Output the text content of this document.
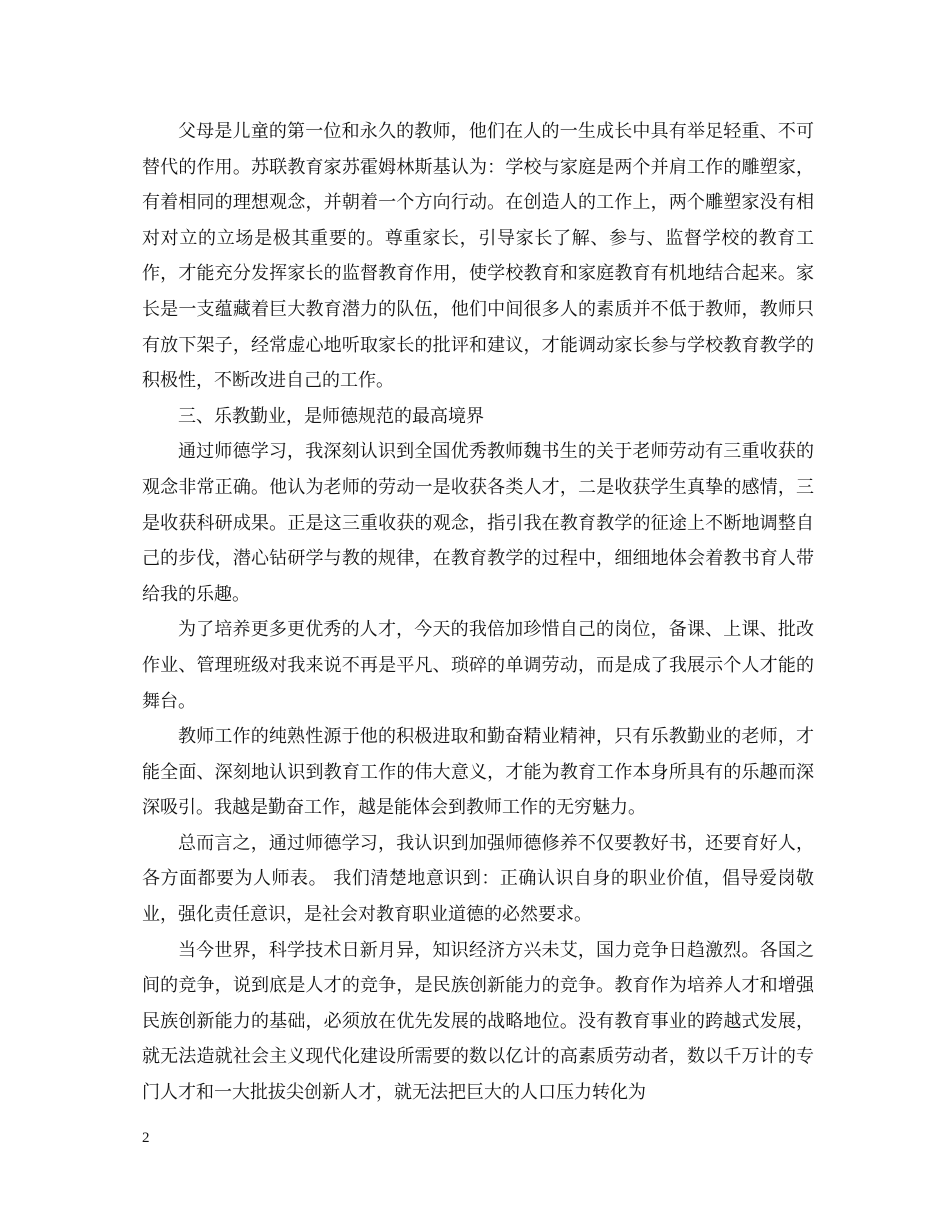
父母是儿童的第一位和永久的教师，他们在人的一生成长中具有举足轻重、不可替代的作用。苏联教育家苏霍姆林斯基认为：学校与家庭是两个并肩工作的雕塑家，有着相同的理想观念，并朝着一个方向行动。在创造人的工作上，两个雕塑家没有相对对立的立场是极其重要的。尊重家长，引导家长了解、参与、监督学校的教育工作，才能充分发挥家长的监督教育作用，使学校教育和家庭教育有机地结合起来。家长是一支蕴藏着巨大教育潜力的队伍，他们中间很多人的素质并不低于教师，教师只有放下架子，经常虚心地听取家长的批评和建议，才能调动家长参与学校教育教学的积极性，不断改进自己的工作。

三、乐教勤业，是师德规范的最高境界

通过师德学习，我深刻认识到全国优秀教师魏书生的关于老师劳动有三重收获的观念非常正确。他认为老师的劳动一是收获各类人才，二是收获学生真挚的感情，三是收获科研成果。正是这三重收获的观念，指引我在教育教学的征途上不断地调整自己的步伐，潜心钻研学与教的规律，在教育教学的过程中，细细地体会着教书育人带给我的乐趣。

为了培养更多更优秀的人才，今天的我倍加珍惜自己的岗位，备课、上课、批改作业、管理班级对我来说不再是平凡、琐碎的单调劳动，而是成了我展示个人才能的舞台。

教师工作的纯熟性源于他的积极进取和勤奋精业精神，只有乐教勤业的老师，才能全面、深刻地认识到教育工作的伟大意义，才能为教育工作本身所具有的乐趣而深深吸引。我越是勤奋工作，越是能体会到教师工作的无穷魅力。

总而言之，通过师德学习，我认识到加强师德修养不仅要教好书，还要育好人，各方面都要为人师表。 我们清楚地意识到：正确认识自身的职业价值，倡导爱岗敬业，强化责任意识，是社会对教育职业道德的必然要求。

当今世界，科学技术日新月异，知识经济方兴未艾，国力竞争日趋激烈。各国之间的竞争，说到底是人才的竞争，是民族创新能力的竞争。教育作为培养人才和增强民族创新能力的基础，必须放在优先发展的战略地位。没有教育事业的跨越式发展，就无法造就社会主义现代化建设所需要的数以亿计的高素质劳动者，数以千万计的专门人才和一大批拔尖创新人才，就无法把巨大的人口压力转化为

2
